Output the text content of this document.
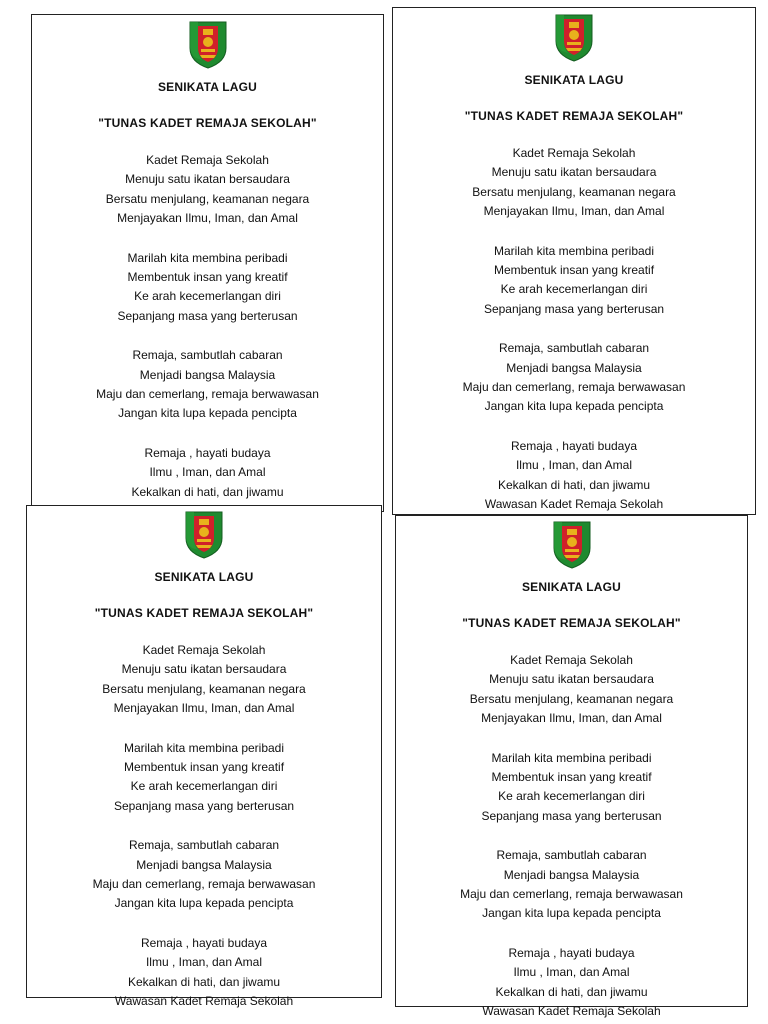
SENIKATA LAGU
"TUNAS KADET REMAJA SEKOLAH"
Kadet Remaja Sekolah
Menuju satu ikatan bersaudara
Bersatu menjulang, keamanan negara
Menjayakan Ilmu, Iman, dan Amal
Marilah kita membina peribadi
Membentuk insan yang kreatif
Ke arah kecemerlangan diri
Sepanjang masa yang berterusan
Remaja, sambutlah cabaran
Menjadi bangsa Malaysia
Maju dan cemerlang, remaja berwawasan
Jangan kita lupa kepada pencipta
Remaja , hayati budaya
Ilmu , Iman, dan Amal
Kekalkan di hati, dan jiwamu
SENIKATA LAGU
"TUNAS KADET REMAJA SEKOLAH"
Kadet Remaja Sekolah
Menuju satu ikatan bersaudara
Bersatu menjulang, keamanan negara
Menjayakan Ilmu, Iman, dan Amal
Marilah kita membina peribadi
Membentuk insan yang kreatif
Ke arah kecemerlangan diri
Sepanjang masa yang berterusan
Remaja, sambutlah cabaran
Menjadi bangsa Malaysia
Maju dan cemerlang, remaja berwawasan
Jangan kita lupa kepada pencipta
Remaja , hayati budaya
Ilmu , Iman, dan Amal
Kekalkan di hati, dan jiwamu
Wawasan Kadet Remaja Sekolah
SENIKATA LAGU
"TUNAS KADET REMAJA SEKOLAH"
Kadet Remaja Sekolah
Menuju satu ikatan bersaudara
Bersatu menjulang, keamanan negara
Menjayakan Ilmu, Iman, dan Amal
Marilah kita membina peribadi
Membentuk insan yang kreatif
Ke arah kecemerlangan diri
Sepanjang masa yang berterusan
Remaja, sambutlah cabaran
Menjadi bangsa Malaysia
Maju dan cemerlang, remaja berwawasan
Jangan kita lupa kepada pencipta
Remaja , hayati budaya
Ilmu , Iman, dan Amal
Kekalkan di hati, dan jiwamu
Wawasan Kadet Remaja Sekolah
SENIKATA LAGU
"TUNAS KADET REMAJA SEKOLAH"
Kadet Remaja Sekolah
Menuju satu ikatan bersaudara
Bersatu menjulang, keamanan negara
Menjayakan Ilmu, Iman, dan Amal
Marilah kita membina peribadi
Membentuk insan yang kreatif
Ke arah kecemerlangan diri
Sepanjang masa yang berterusan
Remaja, sambutlah cabaran
Menjadi bangsa Malaysia
Maju dan cemerlang, remaja berwawasan
Jangan kita lupa kepada pencipta
Remaja , hayati budaya
Ilmu , Iman, dan Amal
Kekalkan di hati, dan jiwamu
Wawasan Kadet Remaja Sekolah
